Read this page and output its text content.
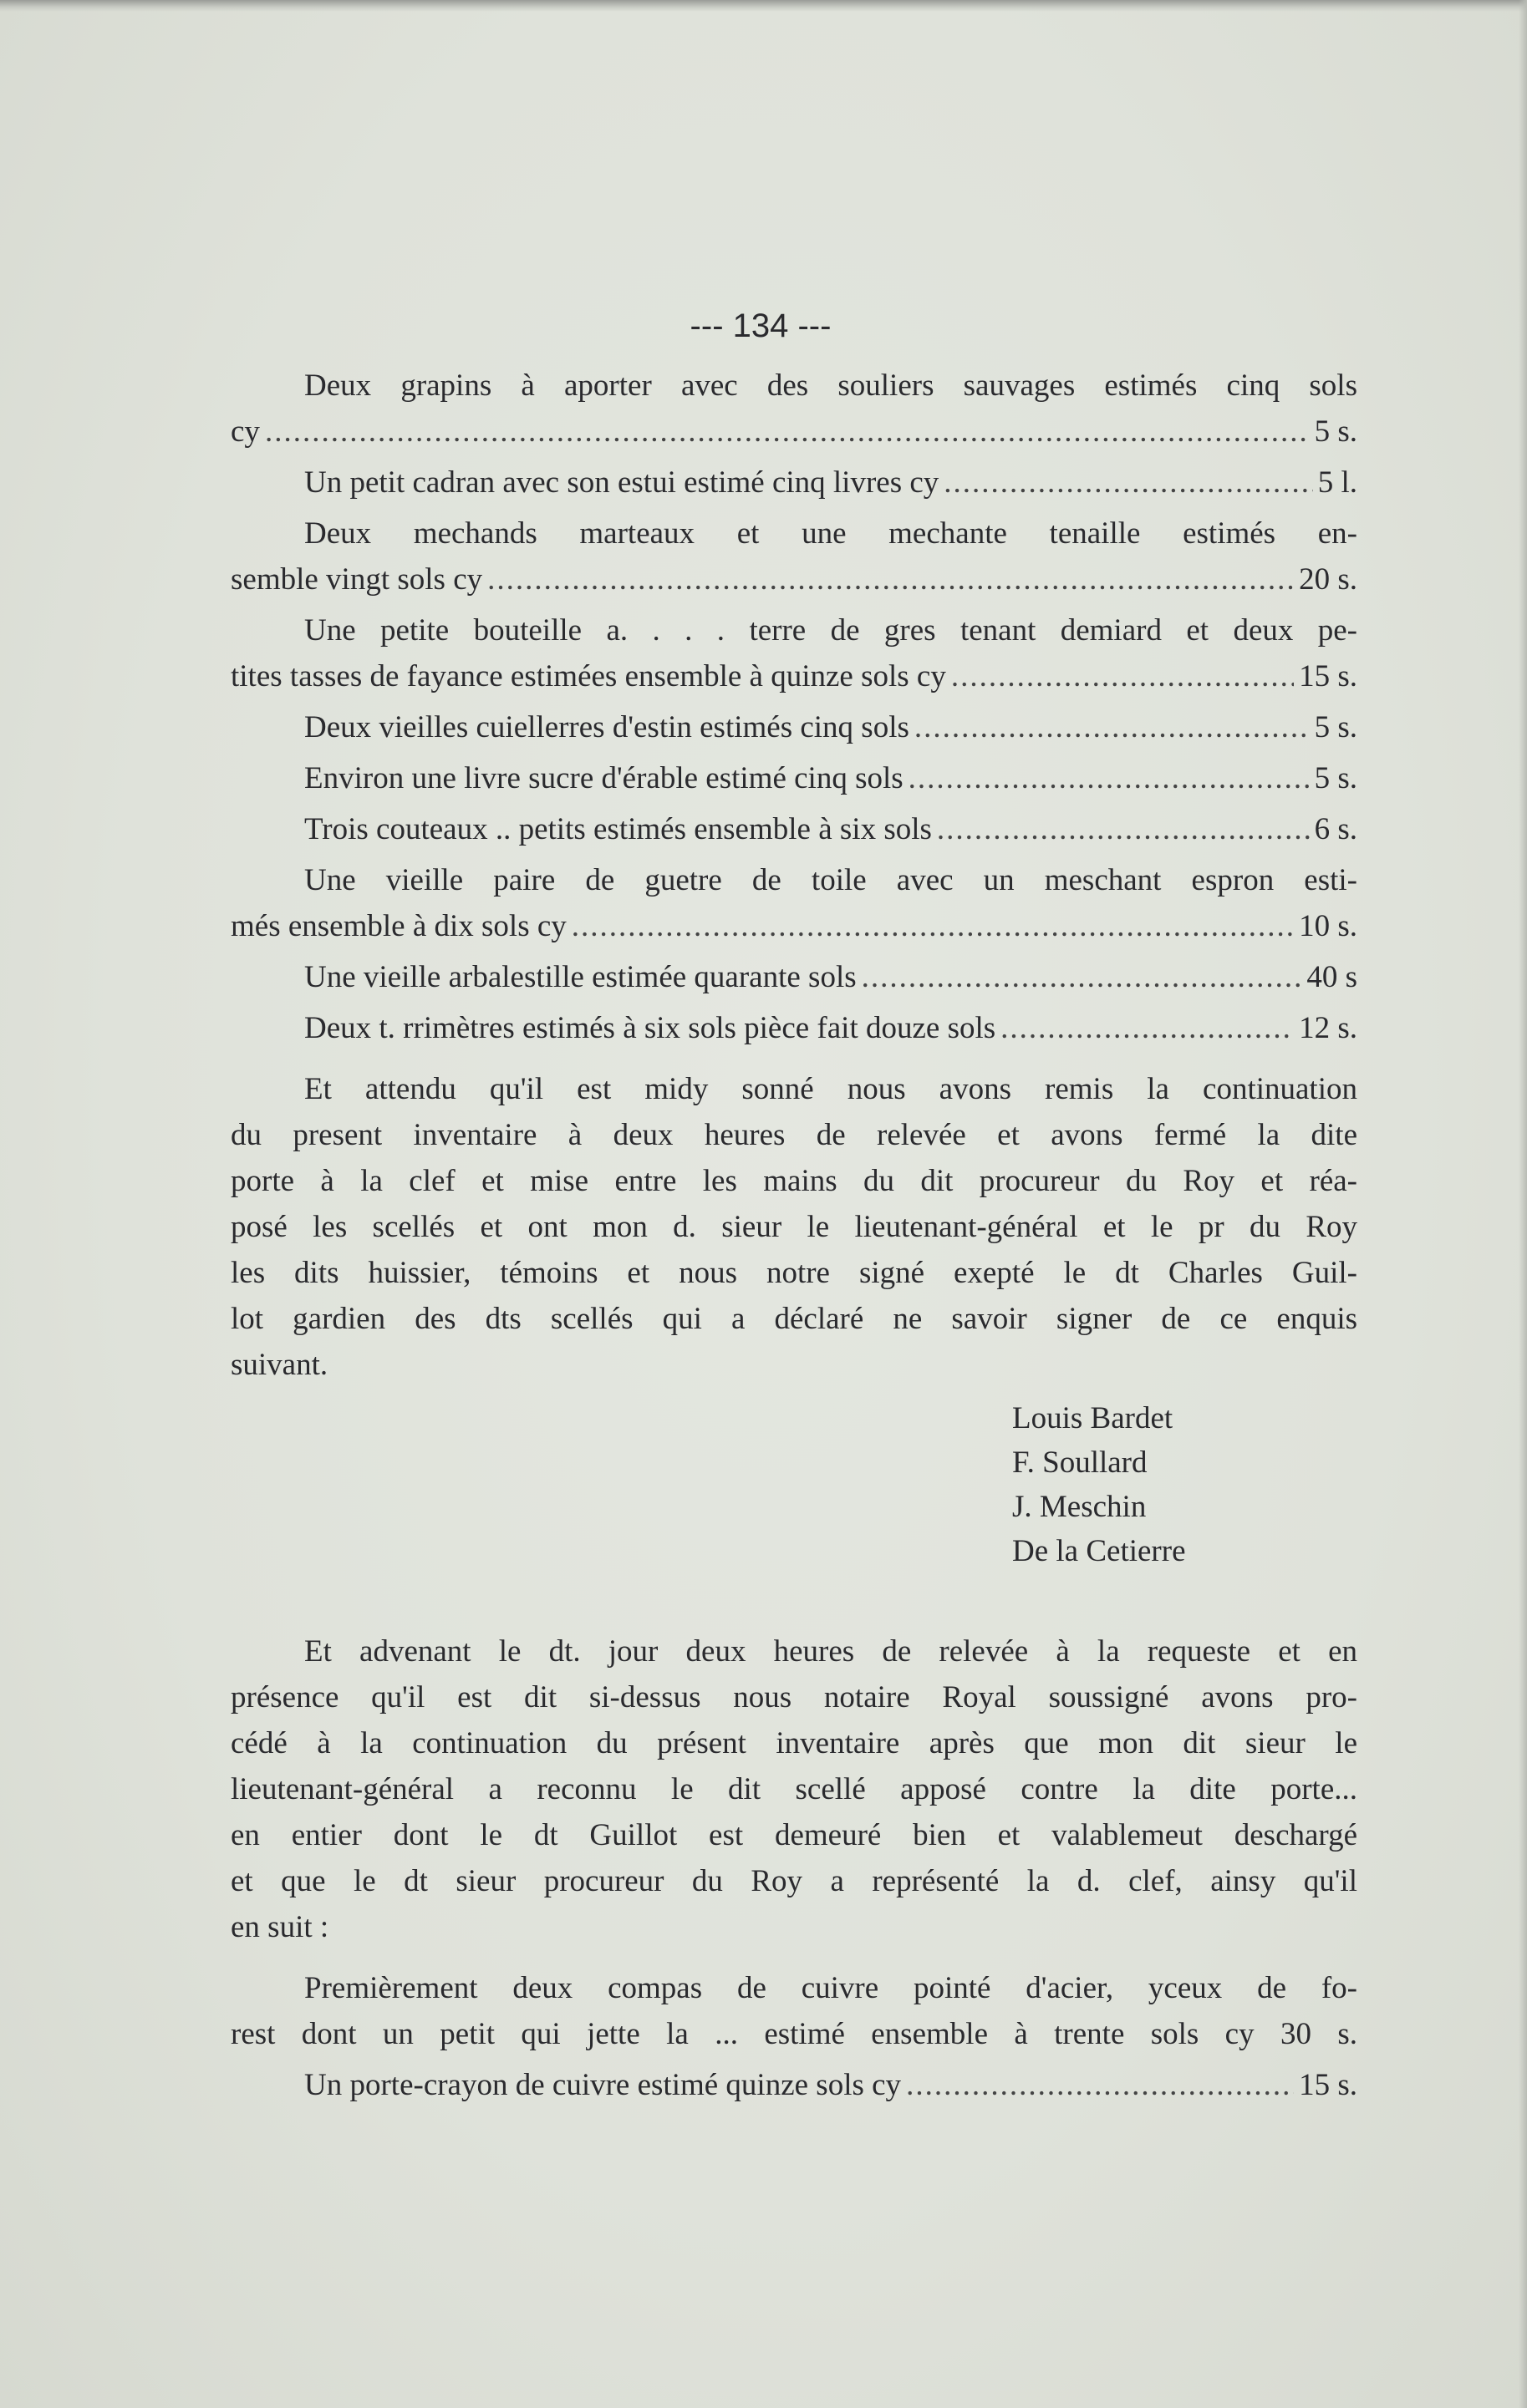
--- 134 ---
Deux grapins à aporter avec des souliers sauvages estimés cinq sols
cy .....	5 s.
Un petit cadran avec son estui estimé cinq livres cy .....	5 l.
Deux mechands marteaux et une mechante tenaille estimés en-
semble vingt sols cy .....	20 s.
Une petite bouteille a. . . . terre de gres tenant demiard et deux pe-
tites tasses de fayance estimées ensemble à quinze sols cy .....	15 s.
Deux vieilles cuiellerres d'estin estimés cinq sols .....	5 s.
Environ une livre sucre d'érable estimé cinq sols .....	5 s.
Trois couteaux .. petits estimés ensemble à six sols .....	6 s.
Une vieille paire de guetre de toile avec un meschant espron esti-
més ensemble à dix sols cy .....	10 s.
Une vieille arbalestille estimée quarante sols .....	40 s
Deux t. rrimètres estimés à six sols pièce fait douze sols .....	12 s.
Et attendu qu'il est midy sonné nous avons remis la continuation
du present inventaire à deux heures de relevée et avons fermé la dite
porte à la clef et mise entre les mains du dit procureur du Roy et réa-
posé les scellés et ont mon d. sieur le lieutenant-général et le pr du Roy
les dits huissier, témoins et nous notre signé exepté le dt Charles Guil-
lot gardien des dts scellés qui a déclaré ne savoir signer de ce enquis
suivant.
Louis Bardet
F. Soullard
J. Meschin
De la Cetierre
Et advenant le dt. jour deux heures de relevée à la requeste et en
présence qu'il est dit si-dessus nous notaire Royal soussigné avons pro-
cédé à la continuation du présent inventaire après que mon dit sieur le
lieutenant-général a reconnu le dit scellé apposé contre la dite porte...
en entier dont le dt Guillot est demeuré bien et valablemeut deschargé
et que le dt sieur procureur du Roy a représenté la d. clef, ainsy qu'il
en suit :
Premièrement deux compas de cuivre pointé d'acier, yceux de fo-
rest dont un petit qui jette la ... estimé ensemble à trente sols cy 30 s.
Un porte-crayon de cuivre estimé quinze sols cy .....	15 s.
